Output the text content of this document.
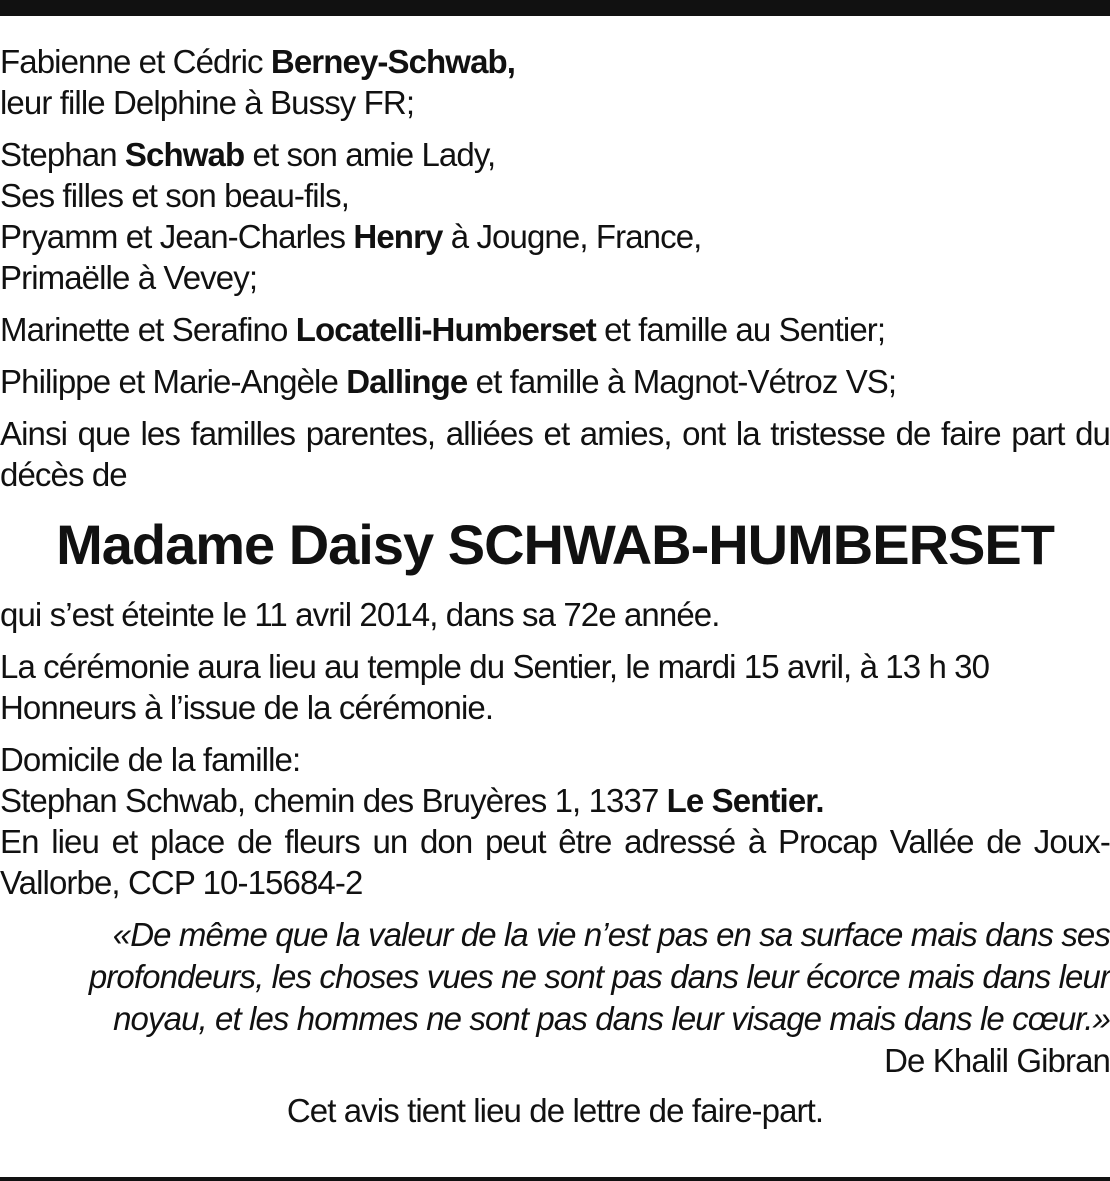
Fabienne et Cédric Berney-Schwab,
leur fille Delphine à Bussy FR;
Stephan Schwab et son amie Lady,
Ses filles et son beau-fils,
Pryamm et Jean-Charles Henry à Jougne, France,
Primaëlle à Vevey;
Marinette et Serafino Locatelli-Humberset et famille au Sentier;
Philippe et Marie-Angèle Dallinge et famille à Magnot-Vétroz VS;
Ainsi que les familles parentes, alliées et amies, ont la tristesse de faire part du décès de
Madame Daisy SCHWAB-HUMBERSET
qui s’est éteinte le 11 avril 2014, dans sa 72e année.
La cérémonie aura lieu au temple du Sentier, le mardi 15 avril, à 13 h 30
Honneurs à l’issue de la cérémonie.
Domicile de la famille:
Stephan Schwab, chemin des Bruyères 1, 1337 Le Sentier.
En lieu et place de fleurs un don peut être adressé à Procap Vallée de Joux-Vallorbe, CCP 10-15684-2
«De même que la valeur de la vie n’est pas en sa surface mais dans ses
profondeurs, les choses vues ne sont pas dans leur écorce mais dans leur
noyau, et les hommes ne sont pas dans leur visage mais dans le cœur.»
De Khalil Gibran
Cet avis tient lieu de lettre de faire-part.
